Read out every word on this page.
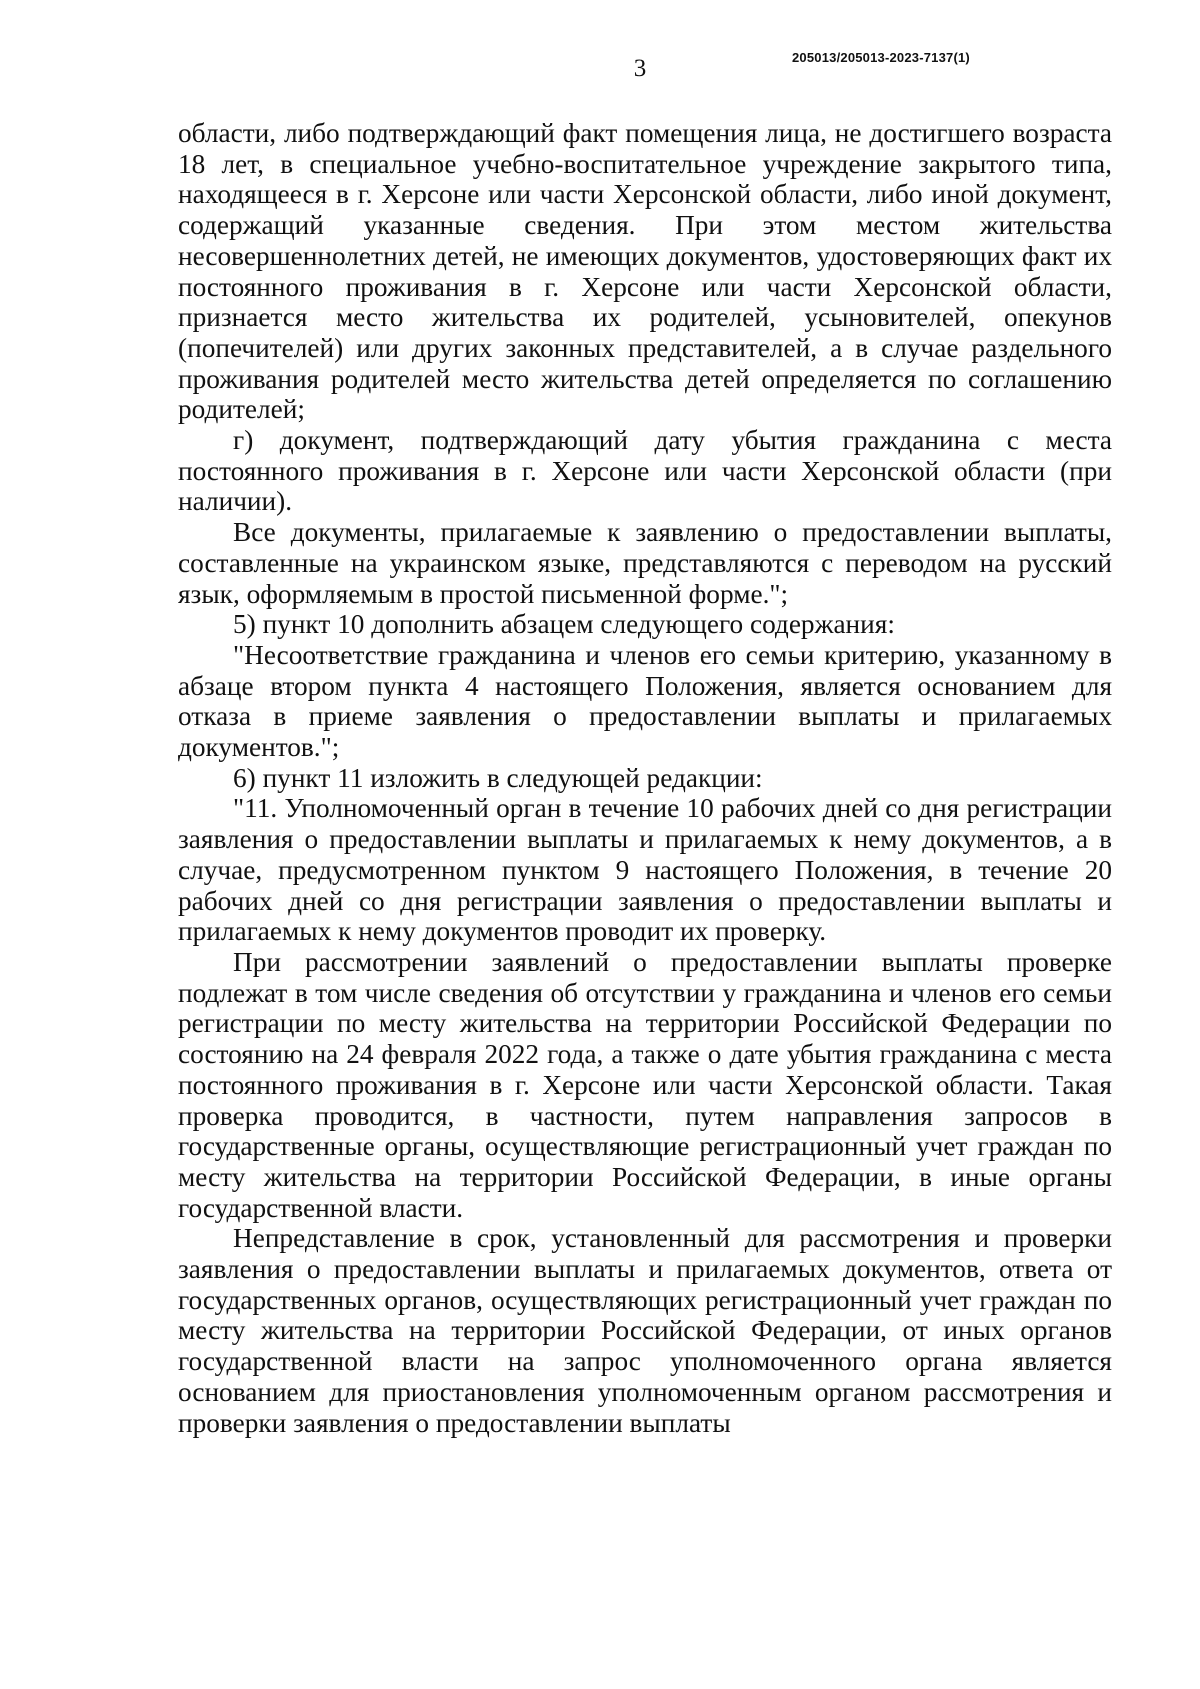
3	205013/205013-2023-7137(1)

области, либо подтверждающий факт помещения лица, не достигшего возраста 18 лет, в специальное учебно-воспитательное учреждение закрытого типа, находящееся в г. Херсоне или части Херсонской области, либо иной документ, содержащий указанные сведения. При этом местом жительства несовершеннолетних детей, не имеющих документов, удостоверяющих факт их постоянного проживания в г. Херсоне или части Херсонской области, признается место жительства их родителей, усыновителей, опекунов (попечителей) или других законных представителей, а в случае раздельного проживания родителей место жительства детей определяется по соглашению родителей;

г) документ, подтверждающий дату убытия гражданина с места постоянного проживания в г. Херсоне или части Херсонской области (при наличии).

Все документы, прилагаемые к заявлению о предоставлении выплаты, составленные на украинском языке, представляются с переводом на русский язык, оформляемым в простой письменной форме.";

5) пункт 10 дополнить абзацем следующего содержания:

"Несоответствие гражданина и членов его семьи критерию, указанному в абзаце втором пункта 4 настоящего Положения, является основанием для отказа в приеме заявления о предоставлении выплаты и прилагаемых документов.";

6) пункт 11 изложить в следующей редакции:

"11. Уполномоченный орган в течение 10 рабочих дней со дня регистрации заявления о предоставлении выплаты и прилагаемых к нему документов, а в случае, предусмотренном пунктом 9 настоящего Положения, в течение 20 рабочих дней со дня регистрации заявления о предоставлении выплаты и прилагаемых к нему документов проводит их проверку.

При рассмотрении заявлений о предоставлении выплаты проверке подлежат в том числе сведения об отсутствии у гражданина и членов его семьи регистрации по месту жительства на территории Российской Федерации по состоянию на 24 февраля 2022 года, а также о дате убытия гражданина с места постоянного проживания в г. Херсоне или части Херсонской области. Такая проверка проводится, в частности, путем направления запросов в государственные органы, осуществляющие регистрационный учет граждан по месту жительства на территории Российской Федерации, в иные органы государственной власти.

Непредставление в срок, установленный для рассмотрения и проверки заявления о предоставлении выплаты и прилагаемых документов, ответа от государственных органов, осуществляющих регистрационный учет граждан по месту жительства на территории Российской Федерации, от иных органов государственной власти на запрос уполномоченного органа является основанием для приостановления уполномоченным органом рассмотрения и проверки заявления о предоставлении выплаты
